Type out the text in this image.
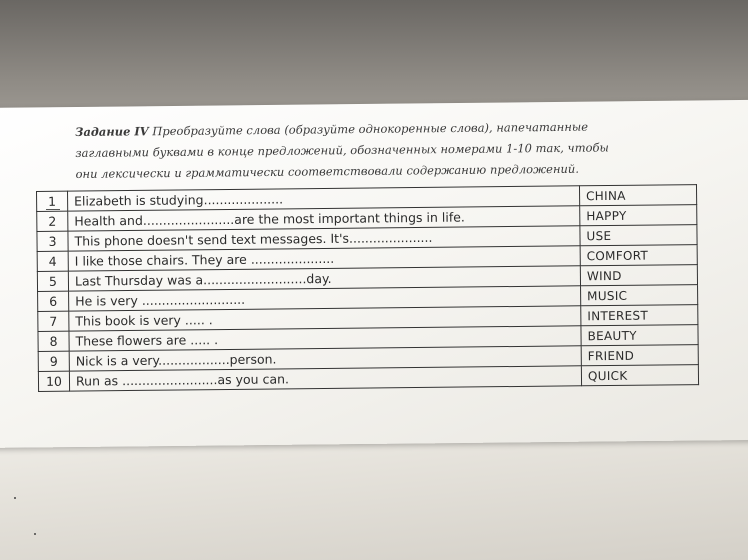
Задание IV Преобразуйте слова (образуйте однокоренные слова), напечатанные
заглавными буквами в конце предложений, обозначенных номерами 1-10 так, чтобы
они лексически и грамматически соответствовали содержанию предложений.
1	Elizabeth is studying....................	CHINA
2	Health and.......................are the most important things in life.	HAPPY
3	This phone doesn't send text messages. It's.....................	USE
4	I like those chairs. They are .....................	COMFORT
5	Last Thursday was a..........................day.	WIND
6	He is very ..........................	MUSIC
7	This book is very ..... .	INTEREST
8	These flowers are ..... .	BEAUTY
9	Nick is a very..................person.	FRIEND
10	Run as ........................as you can.	QUICK
